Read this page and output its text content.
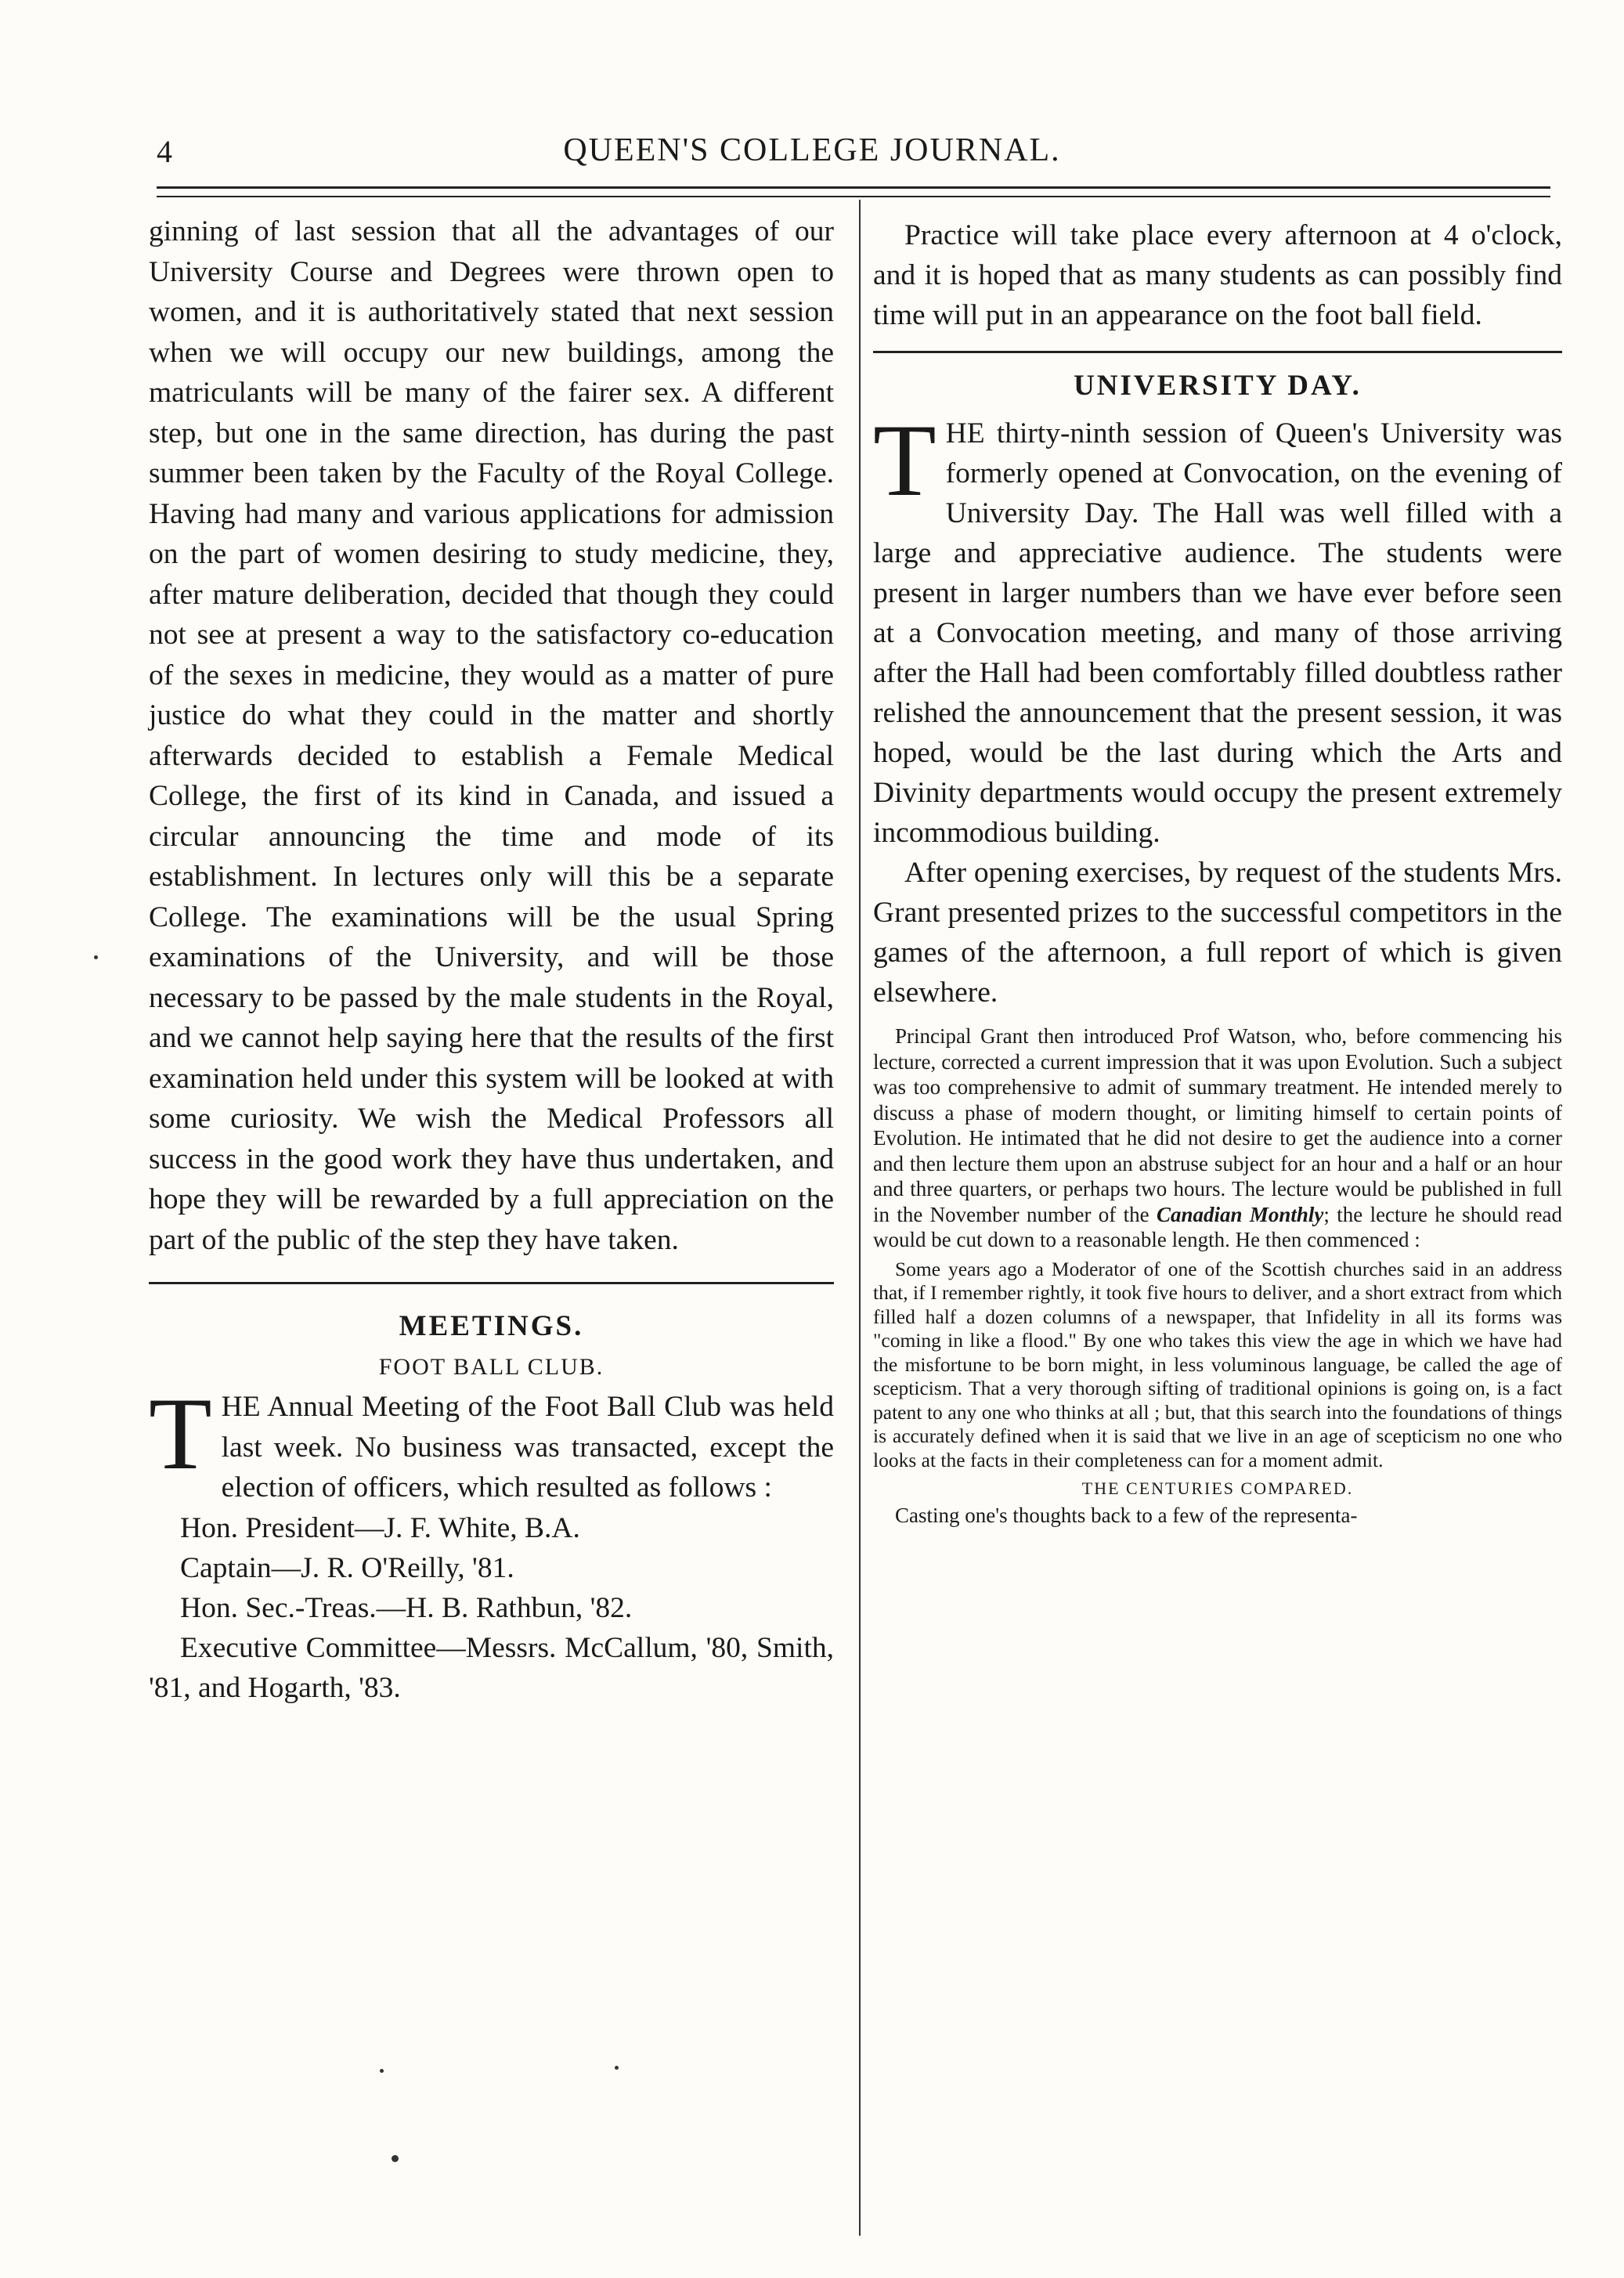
4	QUEEN'S COLLEGE JOURNAL.

ginning of last session that all the advantages of our University Course and Degrees were thrown open to women, and it is authoritatively stated that next session when we will occupy our new buildings, among the matriculants will be many of the fairer sex. A different step, but one in the same direction, has during the past summer been taken by the Faculty of the Royal College. Having had many and various applications for admission on the part of women desiring to study medicine, they, after mature deliberation, decided that though they could not see at present a way to the satisfactory co-education of the sexes in medicine, they would as a matter of pure justice do what they could in the matter and shortly afterwards decided to establish a Female Medical College, the first of its kind in Canada, and issued a circular announcing the time and mode of its establishment. In lectures only will this be a separate College. The examinations will be the usual Spring examinations of the University, and will be those necessary to be passed by the male students in the Royal, and we cannot help saying here that the results of the first examination held under this system will be looked at with some curiosity. We wish the Medical Professors all success in the good work they have thus undertaken, and hope they will be rewarded by a full appreciation on the part of the public of the step they have taken.

MEETINGS.
FOOT BALL CLUB.

THE Annual Meeting of the Foot Ball Club was held last week. No business was transacted, except the election of officers, which resulted as follows :

Hon. President—J. F. White, B.A.
Captain—J. R. O'Reilly, '81.
Hon. Sec.-Treas.—H. B. Rathbun, '82.
Executive Committee—Messrs. McCallum, '80, Smith, '81, and Hogarth, '83.

Practice will take place every afternoon at 4 o'clock, and it is hoped that as many students as can possibly find time will put in an appearance on the foot ball field.

UNIVERSITY DAY.

THE thirty-ninth session of Queen's University was formerly opened at Convocation, on the evening of University Day. The Hall was well filled with a large and appreciative audience. The students were present in larger numbers than we have ever before seen at a Convocation meeting, and many of those arriving after the Hall had been comfortably filled doubtless rather relished the announcement that the present session, it was hoped, would be the last during which the Arts and Divinity departments would occupy the present extremely incommodious building.

After opening exercises, by request of the students Mrs. Grant presented prizes to the successful competitors in the games of the afternoon, a full report of which is given elsewhere.

Principal Grant then introduced Prof Watson, who, before commencing his lecture, corrected a current impression that it was upon Evolution. Such a subject was too comprehensive to admit of summary treatment. He intended merely to discuss a phase of modern thought, or limiting himself to certain points of Evolution. He intimated that he did not desire to get the audience into a corner and then lecture them upon an abstruse subject for an hour and a half or an hour and three quarters, or perhaps two hours. The lecture would be published in full in the November number of the Canadian Monthly; the lecture he should read would be cut down to a reasonable length. He then commenced :

Some years ago a Moderator of one of the Scottish churches said in an address that, if I remember rightly, it took five hours to deliver, and a short extract from which filled half a dozen columns of a newspaper, that Infidelity in all its forms was "coming in like a flood." By one who takes this view the age in which we have had the misfortune to be born might, in less voluminous language, be called the age of scepticism. That a very thorough sifting of traditional opinions is going on, is a fact patent to any one who thinks at all ; but, that this search into the foundations of things is accurately defined when it is said that we live in an age of scepticism no one who looks at the facts in their completeness can for a moment admit.

THE CENTURIES COMPARED.

Casting one's thoughts back to a few of the representa-
